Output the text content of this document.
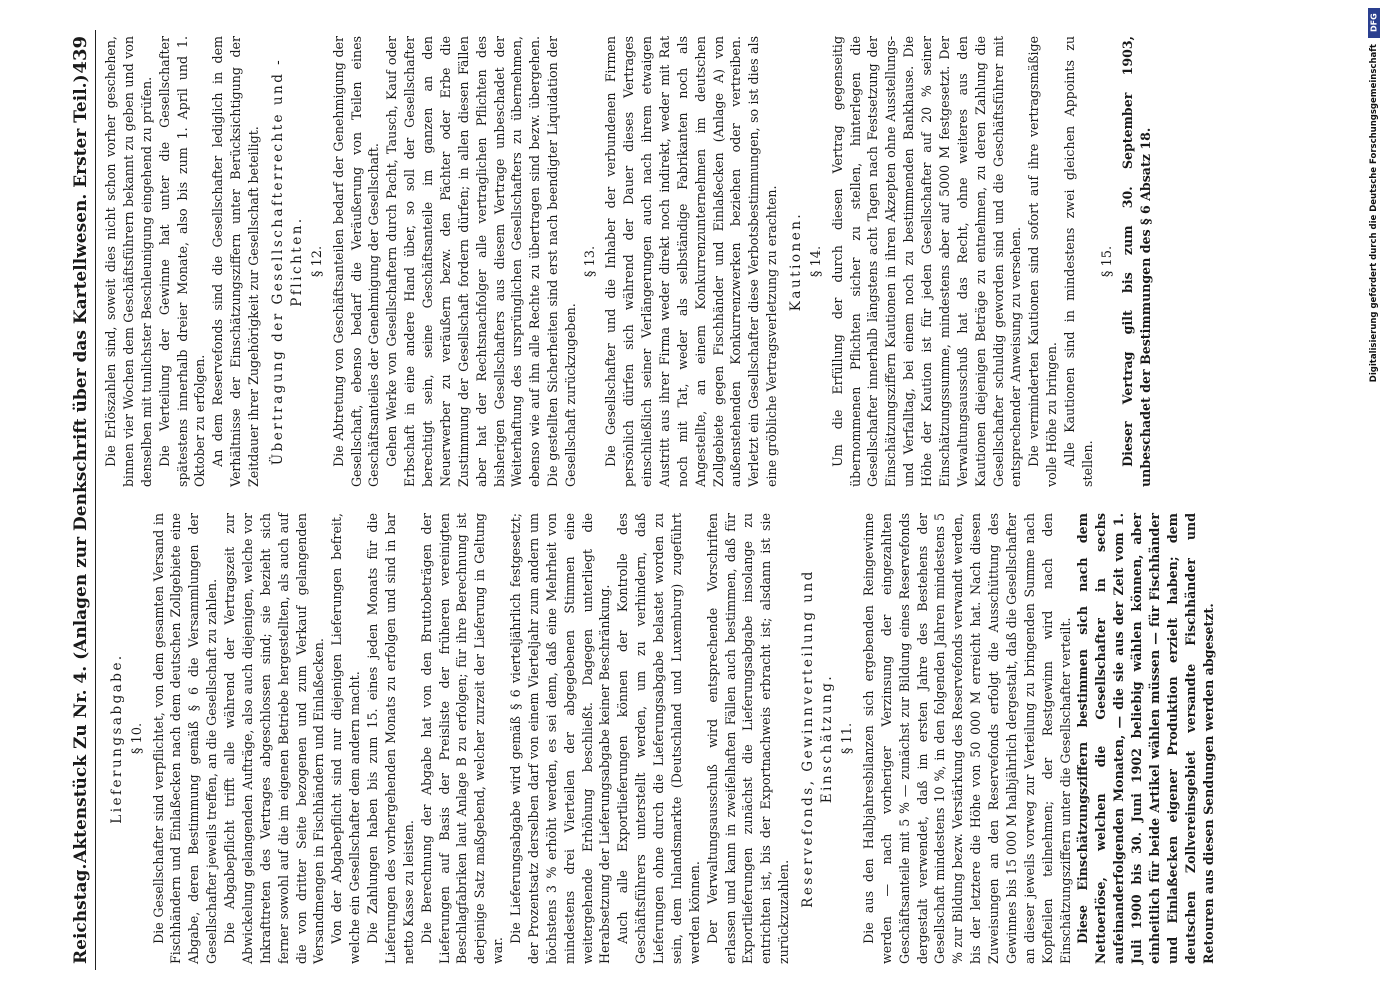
Reichstag.
Aktenstück Zu Nr. 4. (Anlagen zur Denkschrift über das Kartellwesen. Erster Teil.)
439
Lieferungsabgabe. § 10. Die Gesellschafter sind verpflichtet, von dem gesamten Versand in Fischhändern und Einlaßecken nach dem deutschen Zollgebiete eine Abgabe, deren Bestimmung gemäß § 6 die Versammlungen der Gesellschafter jeweils treffen, an die Gesellschaft zu zahlen. Die Abgabepflicht trifft alle während der Vertragszeit zur Abwickelung gelangenden Aufträge, also auch diejenigen, welche vor Inkrafttreten des Vertrages abgeschlossen sind; sie bezieht sich ferner sowohl auf die im eigenen Betriebe hergestellten, als auch auf die von dritter Seite bezogenen und zum Verkauf gelangenden Versandmengen in Fischhändern und Einlaßecken. Von der Abgabepflicht sind nur diejenigen Lieferungen befreit, welche ein Gesellschafter dem andern macht. Die Zahlungen haben bis zum 15. eines jeden Monats für die Lieferungen des vorhergehenden Monats zu erfolgen und sind in bar netto Kasse zu leisten. Die Berechnung der Abgabe hat von den Bruttobeträgen der Lieferungen auf Basis der Preisliste der früheren vereinigten Beschlagfabriken laut Anlage B zu erfolgen; für ihre Berechnung ist derjenige Satz maßgebend, welcher zurzeit der Lieferung in Geltung war.

Die Lieferungsabgabe wird gemäß § 6 vierteljährlich festgesetzt; der Prozentsatz derselben darf von einem Vierteljahr zum andern um höchstens 3 % erhöht werden, es sei denn, daß eine Mehrheit von mindestens drei Vierteilen der abgegebenen Stimmen eine weitergehende Erhöhung beschließt. Dagegen unterliegt die Herabsetzung der Lieferungsabgabe keiner Beschränkung. Auch alle Exportlieferungen können der Kontrolle des Geschäftsführers unterstellt werden, um zu verhindern, daß Lieferungen ohne durch die Lieferungsabgabe belastet worden zu sein, dem Inlandsmarkte (Deutschland und Luxemburg) zugeführt werden können. Der Verwaltungsausschuß wird entsprechende Vorschriften erlassen und kann in zweifelhaften Fällen auch bestimmen, daß für Exportlieferungen zunächst die Lieferungsabgabe insolange zu entrichten ist, bis der Exportnachweis erbracht ist; alsdann ist sie zurückzuzahlen.

Reservefonds, Gewinnverteilung und Einschätzung. § 11. Die aus den Halbjahresbilanzen sich ergebenden Reingewinne werden — nach vorheriger Verzinsung der eingezahlten Geschäftsanteile mit 5 % — zunächst zur Bildung eines Reservefonds dergestalt verwendet, daß im ersten Jahre des Bestehens der Gesellschaft mindestens 10 %, in den folgenden Jahren mindestens 5 % zur Bildung bezw. Verstärkung des Reservefonds verwandt werden, bis der letztere die Höhe von 50 000 M erreicht hat. Nach diesen Zuweisungen an den Reservefonds erfolgt die Ausschüttung des Gewinnes bis 15 000 M halbjährlich dergestalt, daß die Gesellschafter an dieser jeweils vorweg zur Verteilung zu bringenden Summe nach Kopfteilen teilnehmen; der Restgewinn wird nach den Einschätzungsziffern unter die Gesellschafter verteilt. Diese Einschätzungsziffern bestimmen sich nach dem Nettoerlöse, welchen die Gesellschafter in sechs aufeinanderfolgenden Monaten, — die sie aus der Zeit vom 1. Juli 1900 bis 30. Juni 1902 beliebig wählen können, aber einheitlich für beide Artikel wählen müssen — für Fischhänder und Einlaßecken eigener Produktion erzielt haben; dem deutschen Zollvereinsgebiet versandte Fischhänder und Retouren aus diesen Sendungen werden abgesetzt.

Die Erlöszahlen sind, soweit dies nicht schon vorher geschehen, binnen vier Wochen dem Geschäftsführern bekannt zu geben und von denselben mit tunlichster Beschleunigung eingehend zu prüfen. Die Verteilung der Gewinne hat unter die Gesellschafter spätestens innerhalb dreier Monate, also bis zum 1. April und 1. Oktober zu erfolgen. An dem Reservefonds sind die Gesellschafter lediglich in dem Verhältnisse der Einschätzungsziffern unter Berücksichtigung der Zeitdauer ihrer Zugehörigkeit zur Gesellschaft beteiligt. Übertragung der Gesellschafterrechte und -Pflichten. § 12. Die Abtretung von Geschäftsanteilen bedarf der Genehmigung der Gesellschaft, ebenso bedarf die Veräußerung von Teilen eines Geschäftsanteiles der Genehmigung der Gesellschaft. Gehen Werke von Gesellschaftern durch Pacht, Tausch, Kauf oder Erbschaft in eine andere Hand über, so soll der Gesellschafter berechtigt sein, seine Geschäftsanteile im ganzen an den Neuerwerber zu veräußern bezw. den Pächter oder Erbe die Zustimmung der Gesellschaft fordern dürfen; in allen diesen Fällen aber hat der Rechtsnachfolger alle vertraglichen Pflichten des bisherigen Gesellschafters aus diesem Vertrage unbeschadet der Weiterhaftung des ursprünglichen Gesellschafters zu übernehmen, ebenso wie auf ihn alle Rechte zu übertragen sind bezw. übergehen. Die gestellten Sicherheiten sind erst nach beendigter Liquidation der Gesellschaft zurückzugeben.

§ 13. Die Gesellschafter und die Inhaber der verbundenen Firmen persönlich dürfen sich während der Dauer dieses Vertrages einschließlich seiner Verlängerungen auch nach ihrem etwaigen Austritt aus ihrer Firma weder direkt noch indirekt, weder mit Rat noch mit Tat, weder als selbständige Fabrikanten noch als Angestellte, an einem Konkurrenzunternehmen im deutschen Zollgebiete gegen Fischhänder und Einlaßecken (Anlage A) von außenstehenden Konkurrenzwerken beziehen oder vertreiben. Verletzt ein Gesellschafter diese Verbotsbestimmungen, so ist dies als eine gröbliche Vertragsverletzung zu erachten. Kautionen. § 14. Um die Erfüllung der durch diesen Vertrag gegenseitig übernommenen Pflichten sicher zu stellen, hinterlegen die Gesellschafter innerhalb längstens acht Tagen nach Festsetzung der Einschätzungsziffern Kautionen in ihren Akzepten ohne Ausstellungs- und Verfalltag, bei einem noch zu bestimmenden Bankhause. Die Höhe der Kaution ist für jeden Gesellschafter auf 20 % seiner Einschätzungssumme, mindestens aber auf 5000 M festgesetzt. Der Verwaltungsausschuß hat das Recht, ohne weiteres aus den Kautionen diejenigen Beträge zu entnehmen, zu deren Zahlung die Gesellschafter schuldig geworden sind und die Geschäftsführer mit entsprechender Anweisung zu versehen. Die verminderten Kautionen sind sofort auf ihre vertragsmäßige volle Höhe zu bringen. Alle Kautionen sind in mindestens zwei gleichen Appoints zu stellen.

§ 15. Dieser Vertrag gilt bis zum 30. September 1903, unbeschadet der Bestimmungen des § 6 Absatz 18.

DFG
Digitalisierung gefördert durch die Deutsche Forschungsgemeinschaft
